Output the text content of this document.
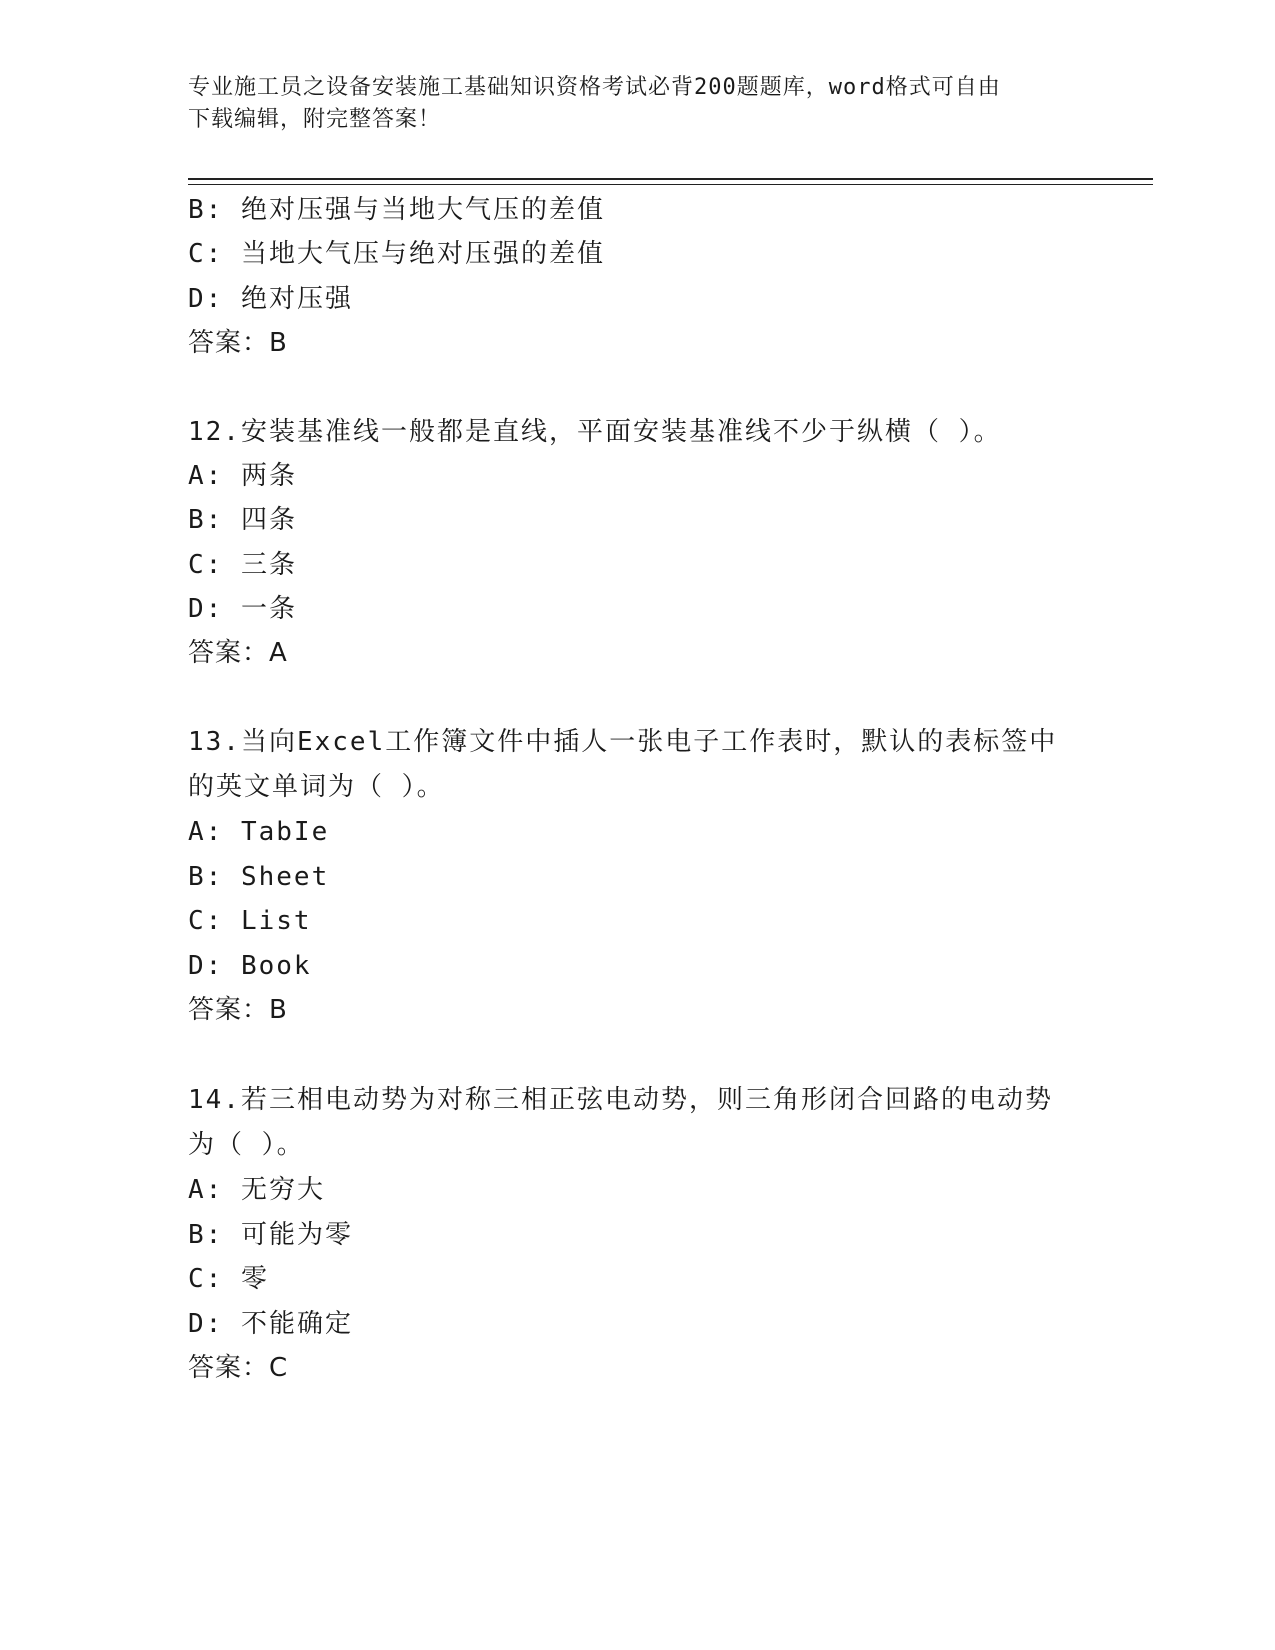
专业施工员之设备安装施工基础知识资格考试必背200题题库，word格式可自由
下载编辑，附完整答案！
B: 绝对压强与当地大气压的差值
C: 当地大气压与绝对压强的差值
D: 绝对压强
答案：B
12.安装基准线一般都是直线，平面安装基准线不少于纵横（ ）。
A: 两条
B: 四条
C: 三条
D: 一条
答案：A
13.当向Excel工作簿文件中插人一张电子工作表时，默认的表标签中
的英文单词为（ ）。
A: TabIe
B: Sheet
C: List
D: Book
答案：B
14.若三相电动势为对称三相正弦电动势，则三角形闭合回路的电动势
为（ ）。
A: 无穷大
B: 可能为零
C: 零
D: 不能确定
答案：C
